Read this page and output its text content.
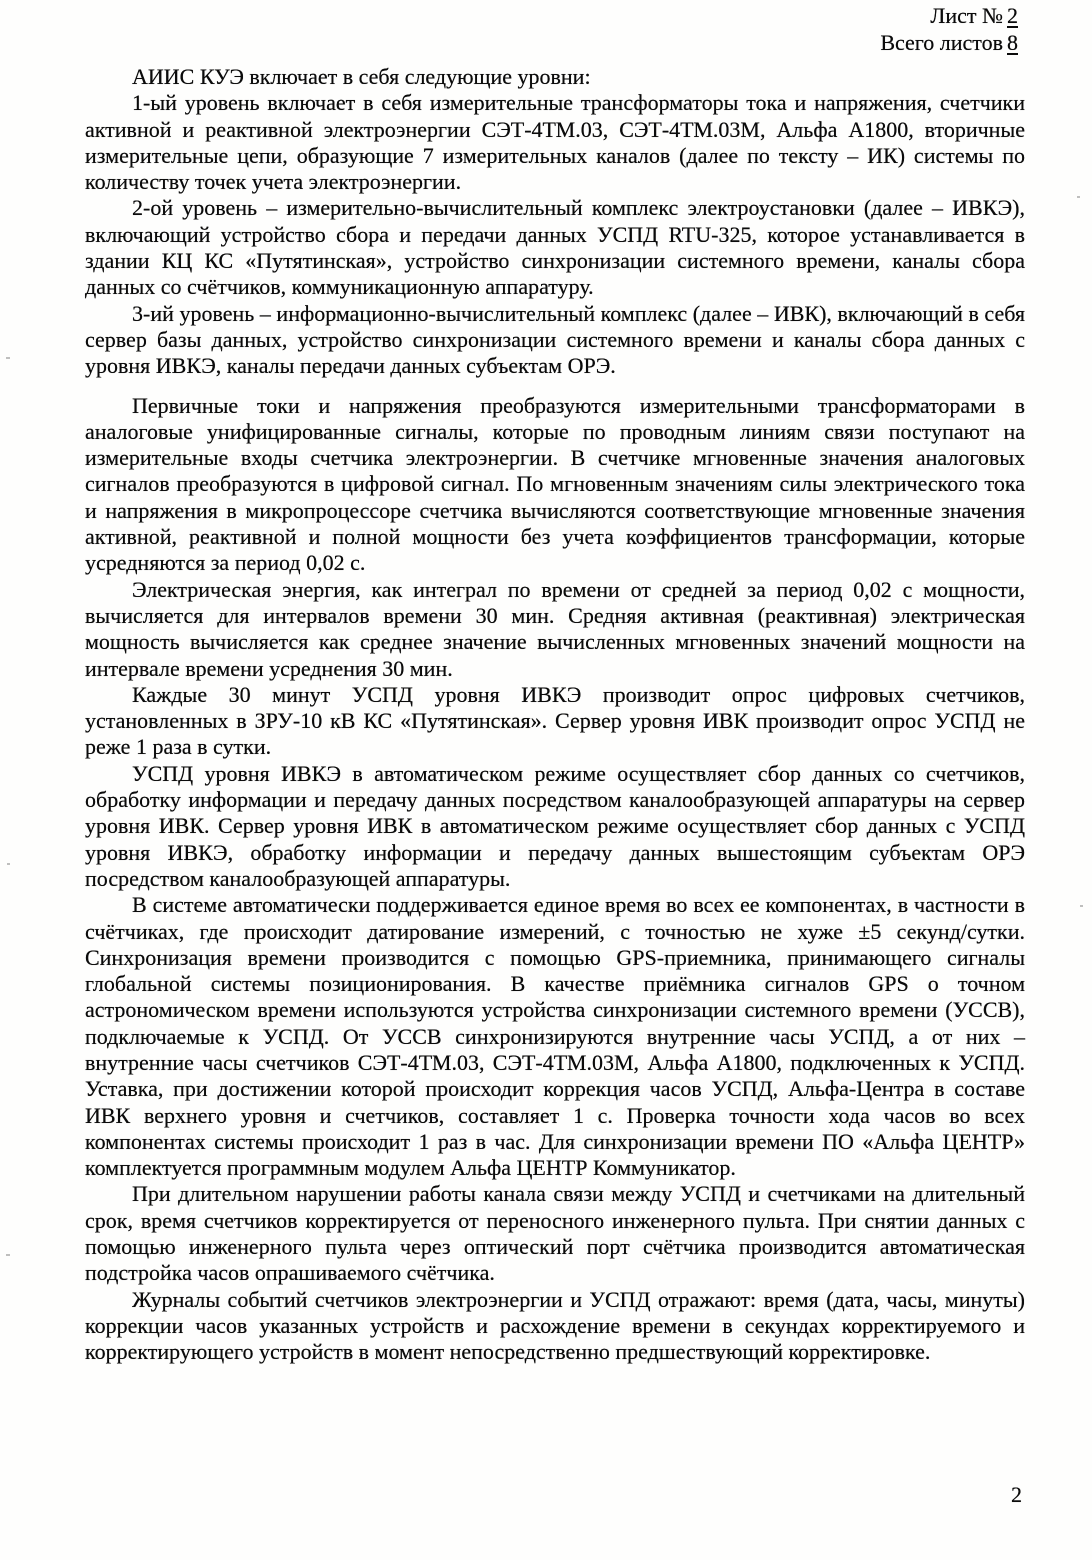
Лист № 2
Всего листов 8

АИИС КУЭ включает в себя следующие уровни:

1-ый уровень включает в себя измерительные трансформаторы тока и напряжения, счетчики активной и реактивной электроэнергии СЭТ-4ТМ.03, СЭТ-4ТМ.03М, Альфа А1800, вторичные измерительные цепи, образующие 7 измерительных каналов (далее по тексту – ИК) системы по количеству точек учета электроэнергии.

2-ой уровень – измерительно-вычислительный комплекс электроустановки (далее – ИВКЭ), включающий устройство сбора и передачи данных УСПД RTU-325, которое устанавливается в здании КЦ КС «Путятинская», устройство синхронизации системного времени, каналы сбора данных со счётчиков, коммуникационную аппаратуру.

3-ий уровень – информационно-вычислительный комплекс (далее – ИВК), включающий в себя сервер базы данных, устройство синхронизации системного времени и каналы сбора данных с уровня ИВКЭ, каналы передачи данных субъектам ОРЭ.

Первичные токи и напряжения преобразуются измерительными трансформаторами в аналоговые унифицированные сигналы, которые по проводным линиям связи поступают на измерительные входы счетчика электроэнергии. В счетчике мгновенные значения аналоговых сигналов преобразуются в цифровой сигнал. По мгновенным значениям силы электрического тока и напряжения в микропроцессоре счетчика вычисляются соответствующие мгновенные значения активной, реактивной и полной мощности без учета коэффициентов трансформации, которые усредняются за период 0,02 с.

Электрическая энергия, как интеграл по времени от средней за период 0,02 с мощности, вычисляется для интервалов времени 30 мин. Средняя активная (реактивная) электрическая мощность вычисляется как среднее значение вычисленных мгновенных значений мощности на интервале времени усреднения 30 мин.

Каждые 30 минут УСПД уровня ИВКЭ производит опрос цифровых счетчиков, установленных в ЗРУ-10 кВ КС «Путятинская». Сервер уровня ИВК производит опрос УСПД не реже 1 раза в сутки.

УСПД уровня ИВКЭ в автоматическом режиме осуществляет сбор данных со счетчиков, обработку информации и передачу данных посредством каналообразующей аппаратуры на сервер уровня ИВК. Сервер уровня ИВК в автоматическом режиме осуществляет сбор данных с УСПД уровня ИВКЭ, обработку информации и передачу данных вышестоящим субъектам ОРЭ посредством каналообразующей аппаратуры.

В системе автоматически поддерживается единое время во всех ее компонентах, в частности в счётчиках, где происходит датирование измерений, с точностью не хуже ±5 секунд/сутки. Синхронизация времени производится с помощью GPS-приемника, принимающего сигналы глобальной системы позиционирования. В качестве приёмника сигналов GPS о точном астрономическом времени используются устройства синхронизации системного времени (УССВ), подключаемые к УСПД. От УССВ синхронизируются внутренние часы УСПД, а от них – внутренние часы счетчиков СЭТ-4ТМ.03, СЭТ-4ТМ.03М, Альфа А1800, подключенных к УСПД. Уставка, при достижении которой происходит коррекция часов УСПД, Альфа-Центра в составе ИВК верхнего уровня и счетчиков, составляет 1 с. Проверка точности хода часов во всех компонентах системы происходит 1 раз в час. Для синхронизации времени ПО «Альфа ЦЕНТР» комплектуется программным модулем Альфа ЦЕНТР Коммуникатор.

При длительном нарушении работы канала связи между УСПД и счетчиками на длительный срок, время счетчиков корректируется от переносного инженерного пульта. При снятии данных с помощью инженерного пульта через оптический порт счётчика производится автоматическая подстройка часов опрашиваемого счётчика.

Журналы событий счетчиков электроэнергии и УСПД отражают: время (дата, часы, минуты) коррекции часов указанных устройств и расхождение времени в секундах корректируемого и корректирующего устройств в момент непосредственно предшествующий корректировке.

2
